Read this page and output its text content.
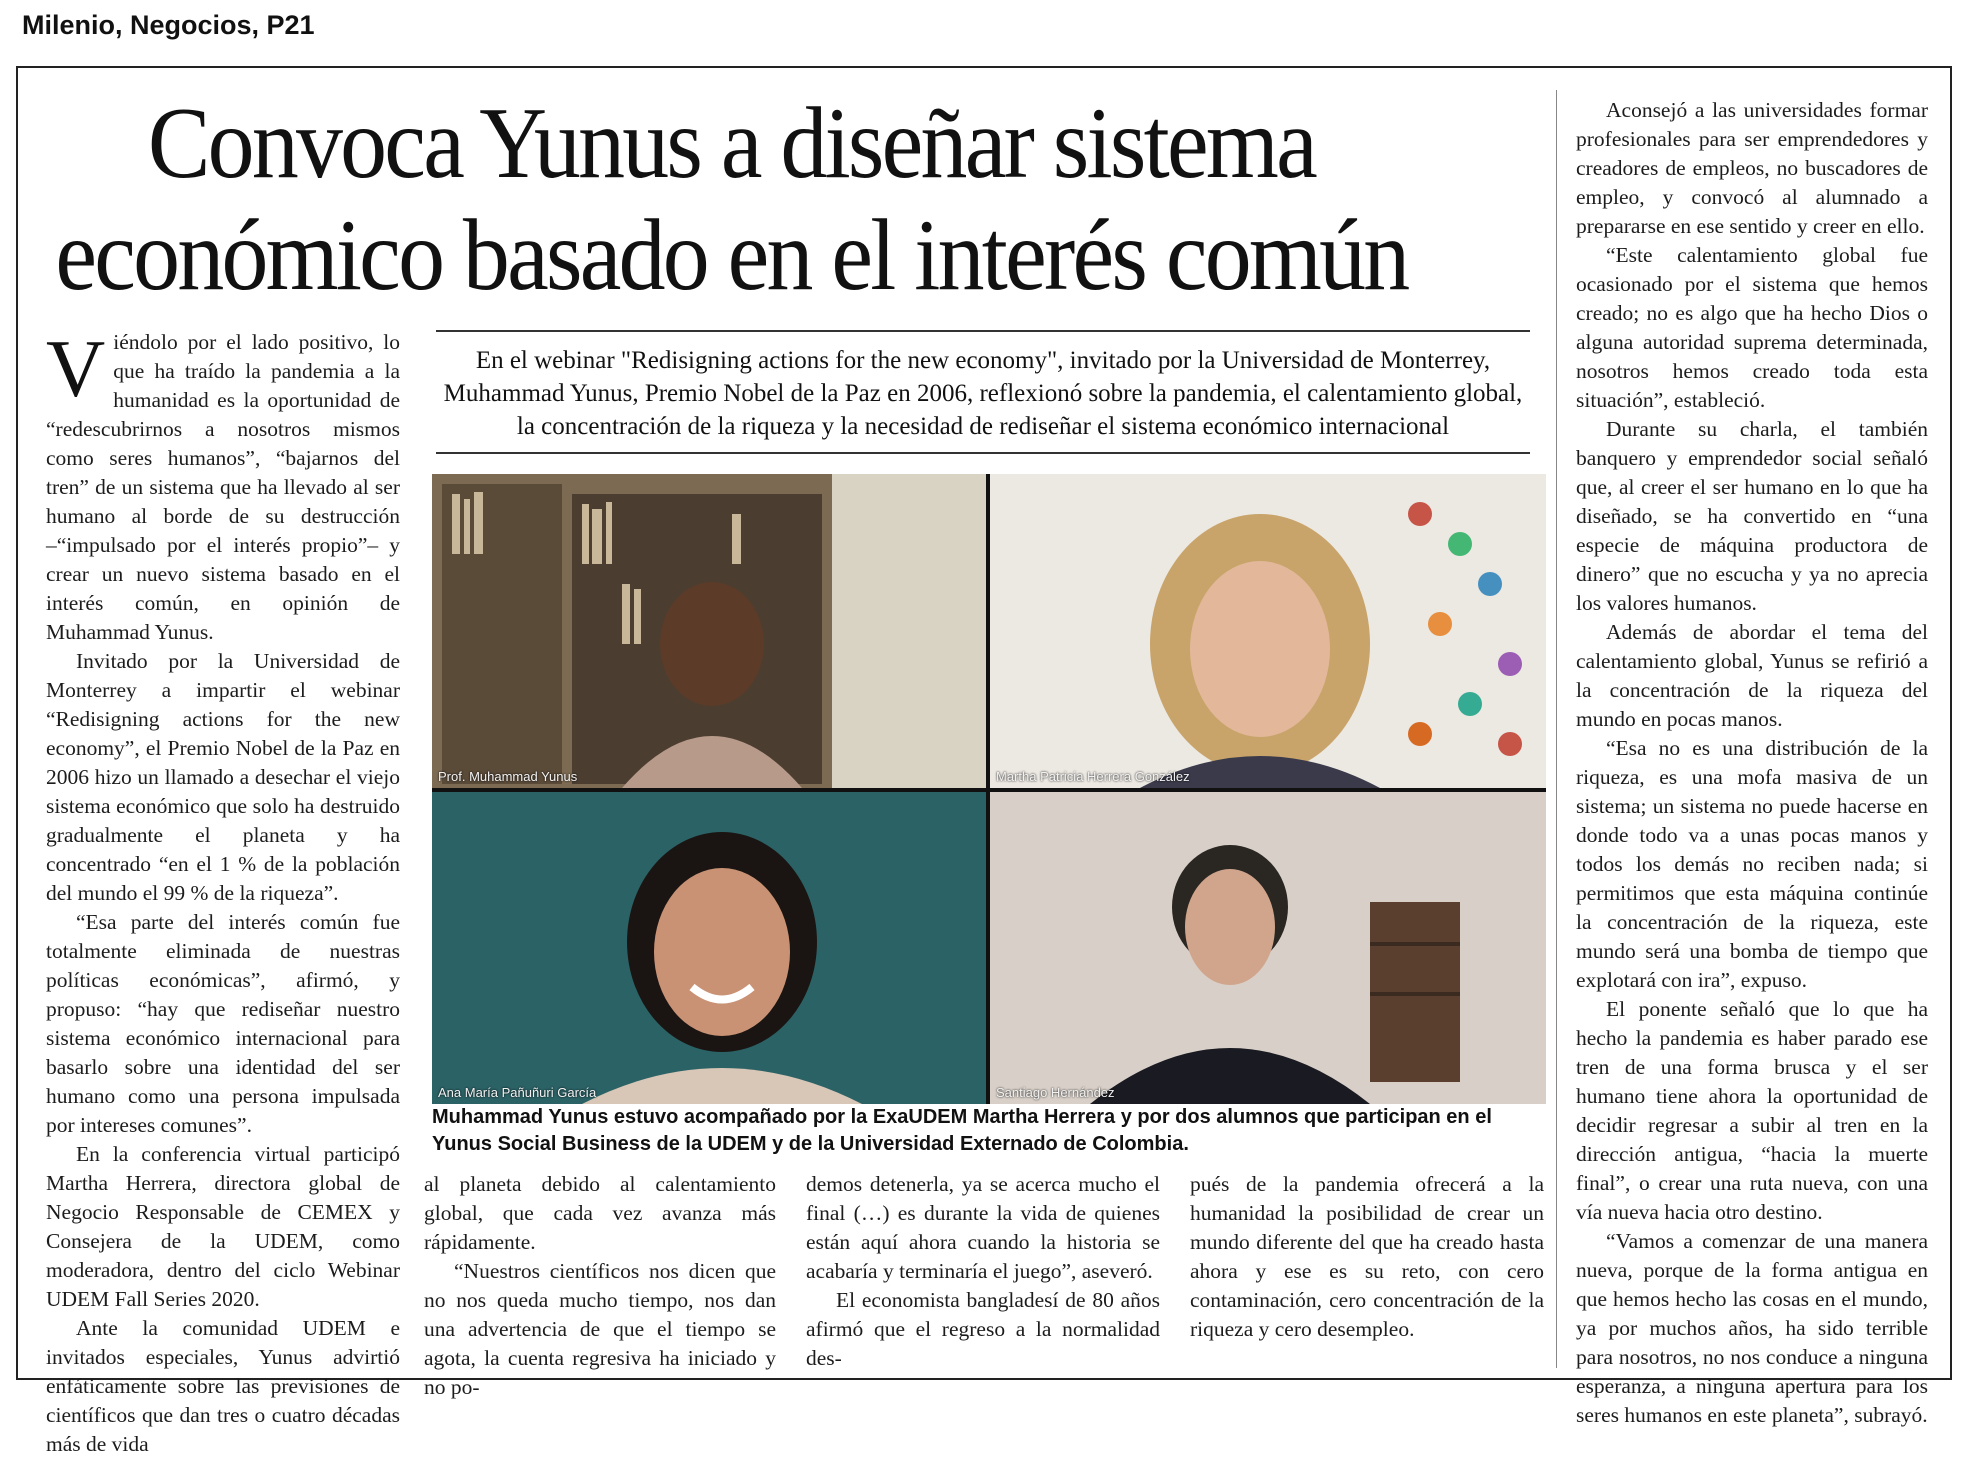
Milenio, Negocios, P21
Convoca Yunus a diseñar sistema
económico basado en el interés común

Viéndolo por el lado positivo, lo que ha traído la pandemia a la humanidad es la oportunidad de “redescubrirnos a nosotros mismos como seres humanos”, “bajarnos del tren” de un sistema que ha llevado al ser humano al borde de su destrucción –“impulsado por el interés propio”– y crear un nuevo sistema basado en el interés común, en opinión de Muhammad Yunus.

Invitado por la Universidad de Monterrey a impartir el webinar “Redisigning actions for the new economy”, el Premio Nobel de la Paz en 2006 hizo un llamado a desechar el viejo sistema económico que solo ha destruido gradualmente el planeta y ha concentrado “en el 1 % de la población del mundo el 99 % de la riqueza”.

“Esa parte del interés común fue totalmente eliminada de nuestras políticas económicas”, afirmó, y propuso: “hay que rediseñar nuestro sistema económico internacional para basarlo sobre una identidad del ser humano como una persona impulsada por intereses comunes”.

En la conferencia virtual participó Martha Herrera, directora global de Negocio Responsable de CEMEX y Consejera de la UDEM, como moderadora, dentro del ciclo Webinar UDEM Fall Series 2020.

Ante la comunidad UDEM e invitados especiales, Yunus advirtió enfáticamente sobre las previsiones de científicos que dan tres o cuatro décadas más de vida

En el webinar "Redisigning actions for the new economy", invitado por la Universidad de Monterrey, Muhammad Yunus, Premio Nobel de la Paz en 2006, reflexionó sobre la pandemia, el calentamiento global, la concentración de la riqueza y la necesidad de rediseñar el sistema económico internacional
Prof. Muhammad Yunus	Martha Patricia Herrera González
Ana María Pañuñuri García	Santiago Hernández
Muhammad Yunus estuvo acompañado por la ExaUDEM Martha Herrera y por dos alumnos que participan en el Yunus Social Business de la UDEM y de la Universidad Externado de Colombia.

al planeta debido al calentamiento global, que cada vez avanza más rápidamente.

“Nuestros científicos nos dicen que no nos queda mucho tiempo, nos dan una advertencia de que el tiempo se agota, la cuenta regresiva ha iniciado y no po-

demos detenerla, ya se acerca mucho el final (…) es durante la vida de quienes están aquí ahora cuando la historia se acabaría y terminaría el juego”, aseveró.

El economista bangladesí de 80 años afirmó que el regreso a la normalidad des-

pués de la pandemia ofrecerá a la humanidad la posibilidad de crear un mundo diferente del que ha creado hasta ahora y ese es su reto, con cero contaminación, cero concentración de la riqueza y cero desempleo.

Aconsejó a las universidades formar profesionales para ser emprendedores y creadores de empleos, no buscadores de empleo, y convocó al alumnado a prepararse en ese sentido y creer en ello.

“Este calentamiento global fue ocasionado por el sistema que hemos creado; no es algo que ha hecho Dios o alguna autoridad suprema determinada, nosotros hemos creado toda esta situación”, estableció.

Durante su charla, el también banquero y emprendedor social señaló que, al creer el ser humano en lo que ha diseñado, se ha convertido en “una especie de máquina productora de dinero” que no escucha y ya no aprecia los valores humanos.

Además de abordar el tema del calentamiento global, Yunus se refirió a la concentración de la riqueza del mundo en pocas manos.

“Esa no es una distribución de la riqueza, es una mofa masiva de un sistema; un sistema no puede hacerse en donde todo va a unas pocas manos y todos los demás no reciben nada; si permitimos que esta máquina continúe la concentración de la riqueza, este mundo será una bomba de tiempo que explotará con ira”, expuso.

El ponente señaló que lo que ha hecho la pandemia es haber parado ese tren de una forma brusca y el ser humano tiene ahora la oportunidad de decidir regresar a subir al tren en la dirección antigua, “hacia la muerte final”, o crear una ruta nueva, con una vía nueva hacia otro destino.

“Vamos a comenzar de una manera nueva, porque de la forma antigua en que hemos hecho las cosas en el mundo, ya por muchos años, ha sido terrible para nosotros, no nos conduce a ninguna esperanza, a ninguna apertura para los seres humanos en este planeta”, subrayó.
